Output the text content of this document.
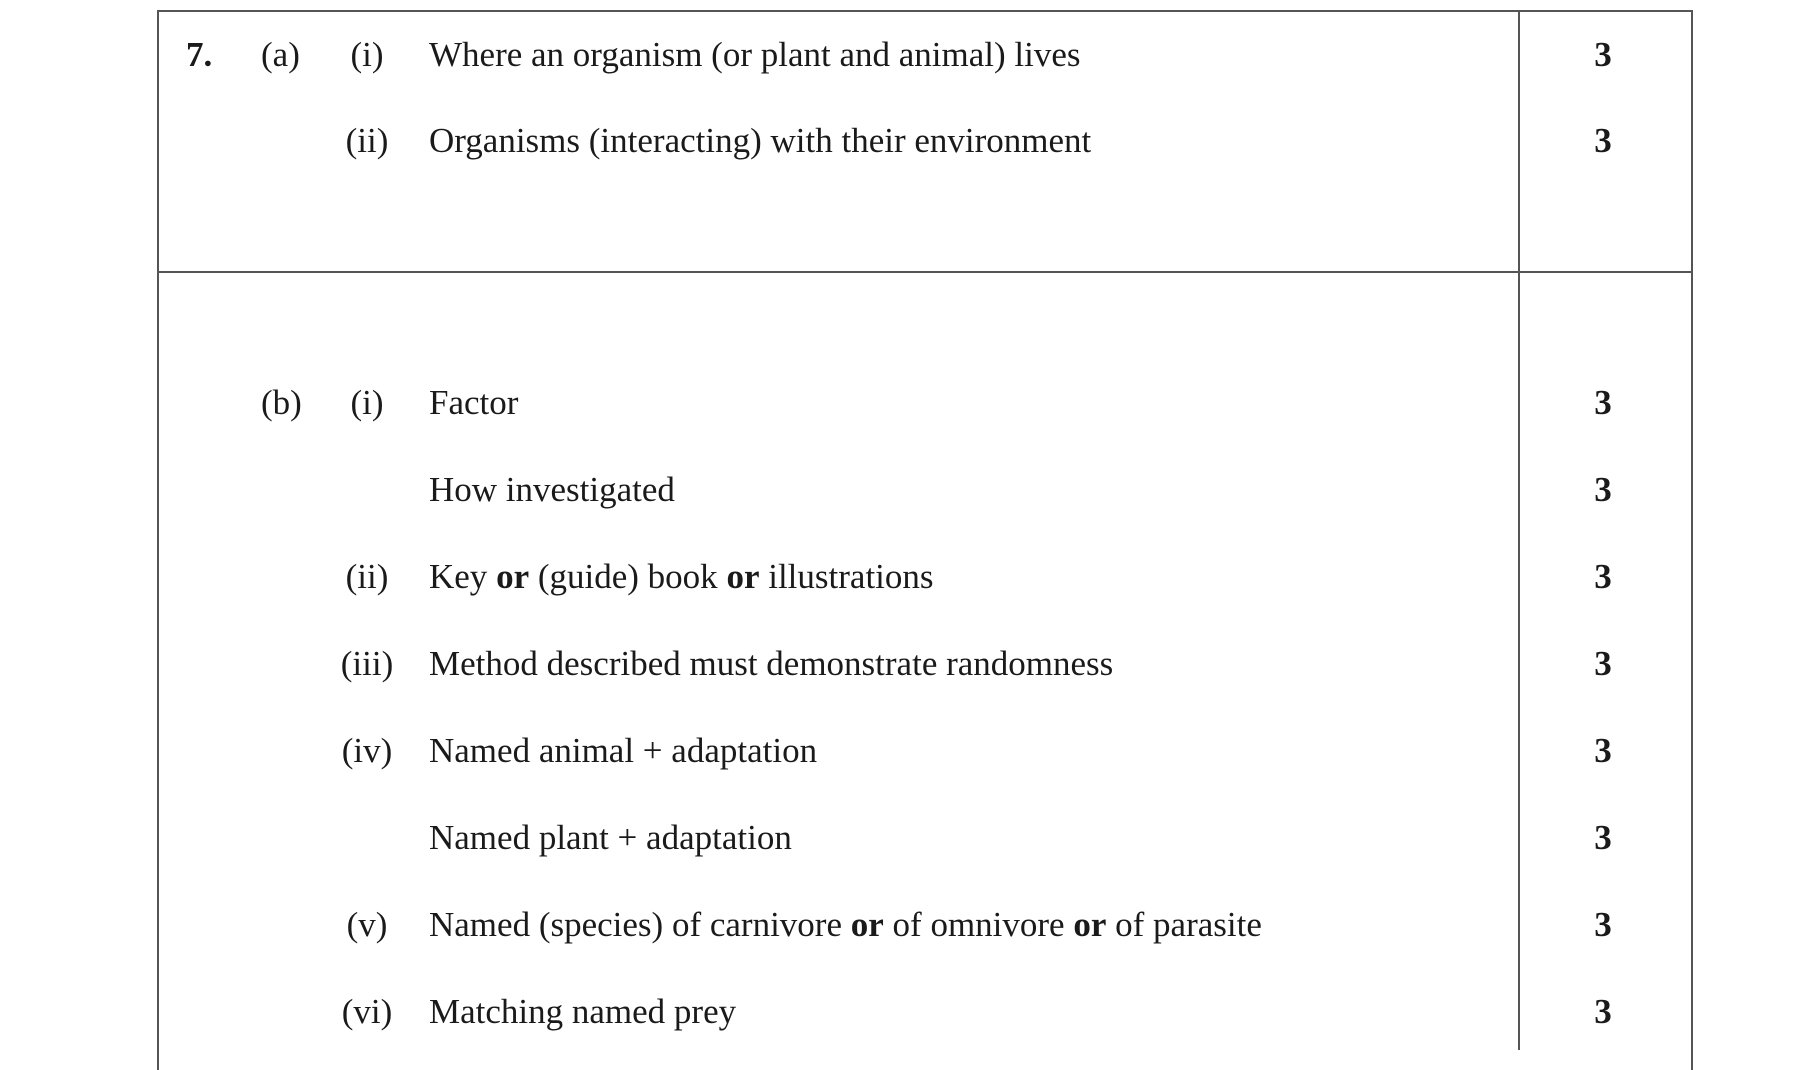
7. (a)	(i)	Where an organism (or plant and animal) lives	3
(ii)	Organisms (interacting) with their environment	3
(b)	(i)	Factor	3
How investigated	3
(ii)	Key or (guide) book or illustrations	3
(iii)	Method described must demonstrate randomness	3
(iv)	Named animal + adaptation	3
Named plant + adaptation	3
(v)	Named (species) of carnivore or of omnivore or of parasite	3
(vi)	Matching named prey	3
